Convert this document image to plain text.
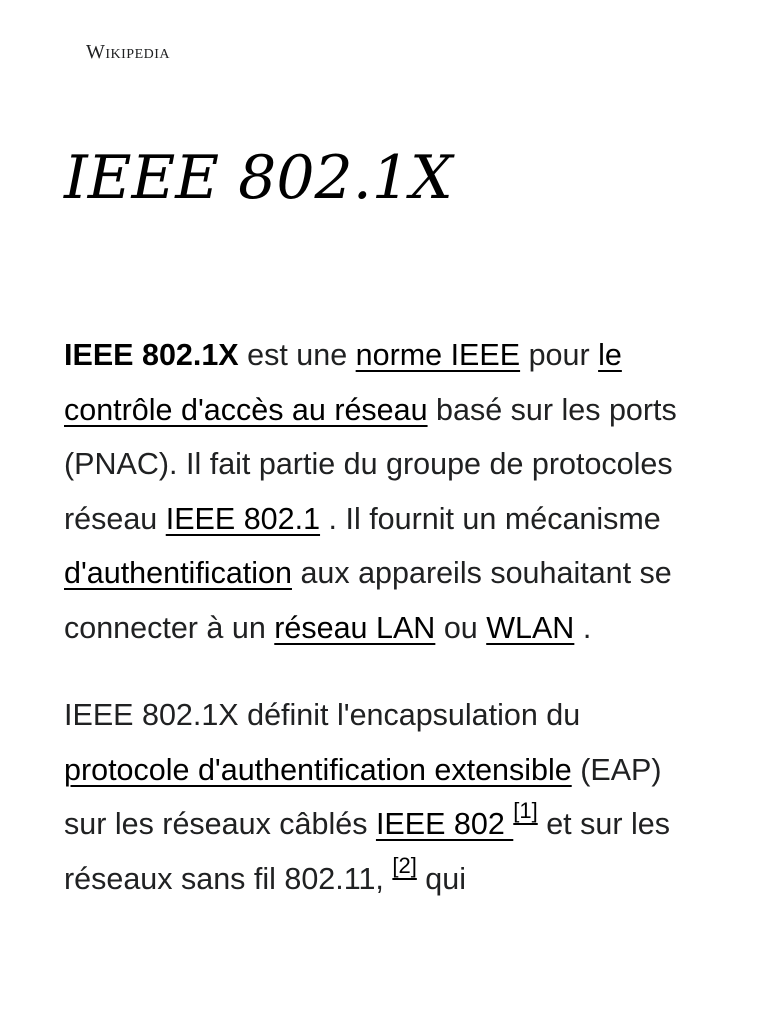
Wikipedia
IEEE 802.1X

IEEE 802.1X est une norme IEEE pour le contrôle d'accès au réseau basé sur les ports (PNAC). Il fait partie du groupe de protocoles réseau IEEE 802.1 . Il fournit un mécanisme d'authentification aux appareils souhaitant se connecter à un réseau LAN ou WLAN .

IEEE 802.1X définit l'encapsulation du protocole d'authentification extensible (EAP) sur les réseaux câblés IEEE 802 [1] et sur les réseaux sans fil 802.11, [2] qui
